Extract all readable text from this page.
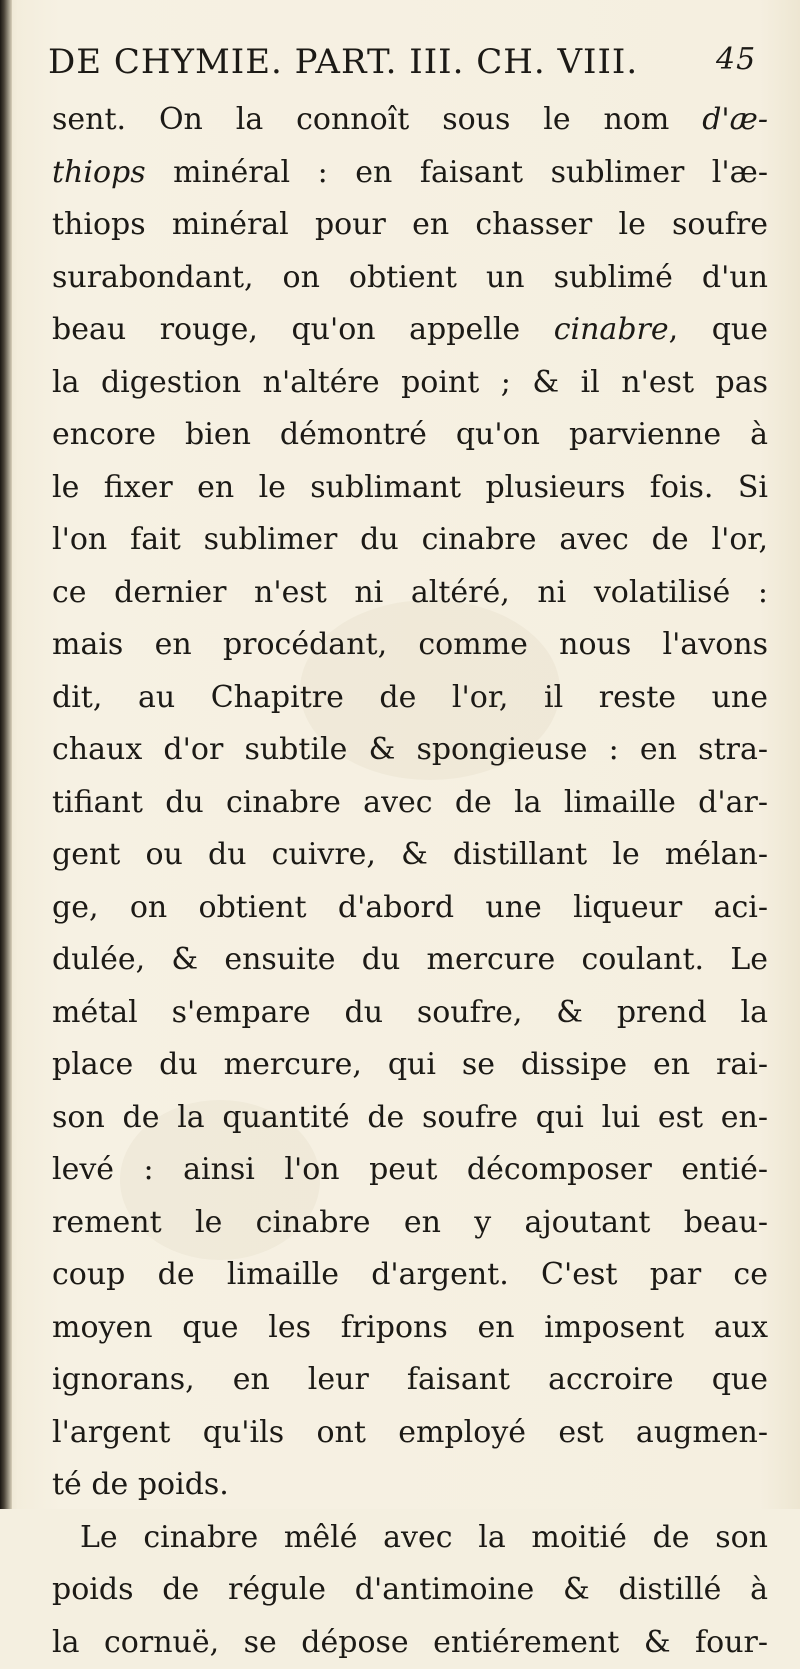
DE CHYMIE. PART. III. CH. VIII.	45
sent. On la connoît sous le nom d'æ-
thiops minéral : en faisant sublimer l'æ-
thiops minéral pour en chasser le soufre
surabondant, on obtient un sublimé d'un
beau rouge, qu'on appelle cinabre, que
la digestion n'altére point ; & il n'est pas
encore bien démontré qu'on parvienne à
le fixer en le sublimant plusieurs fois. Si
l'on fait sublimer du cinabre avec de l'or,
ce dernier n'est ni altéré, ni volatilisé :
mais en procédant, comme nous l'avons
dit, au Chapitre de l'or, il reste une
chaux d'or subtile & spongieuse : en stra-
tifiant du cinabre avec de la limaille d'ar-
gent ou du cuivre, & distillant le mélan-
ge, on obtient d'abord une liqueur aci-
dulée, & ensuite du mercure coulant. Le
métal s'empare du soufre, & prend la
place du mercure, qui se dissipe en rai-
son de la quantité de soufre qui lui est en-
levé : ainsi l'on peut décomposer entié-
rement le cinabre en y ajoutant beau-
coup de limaille d'argent. C'est par ce
moyen que les fripons en imposent aux
ignorans, en leur faisant accroire que
l'argent qu'ils ont employé est augmen-
té de poids.
Le cinabre mêlé avec la moitié de son
poids de régule d'antimoine & distillé à
la cornuë, se dépose entiérement & four-
